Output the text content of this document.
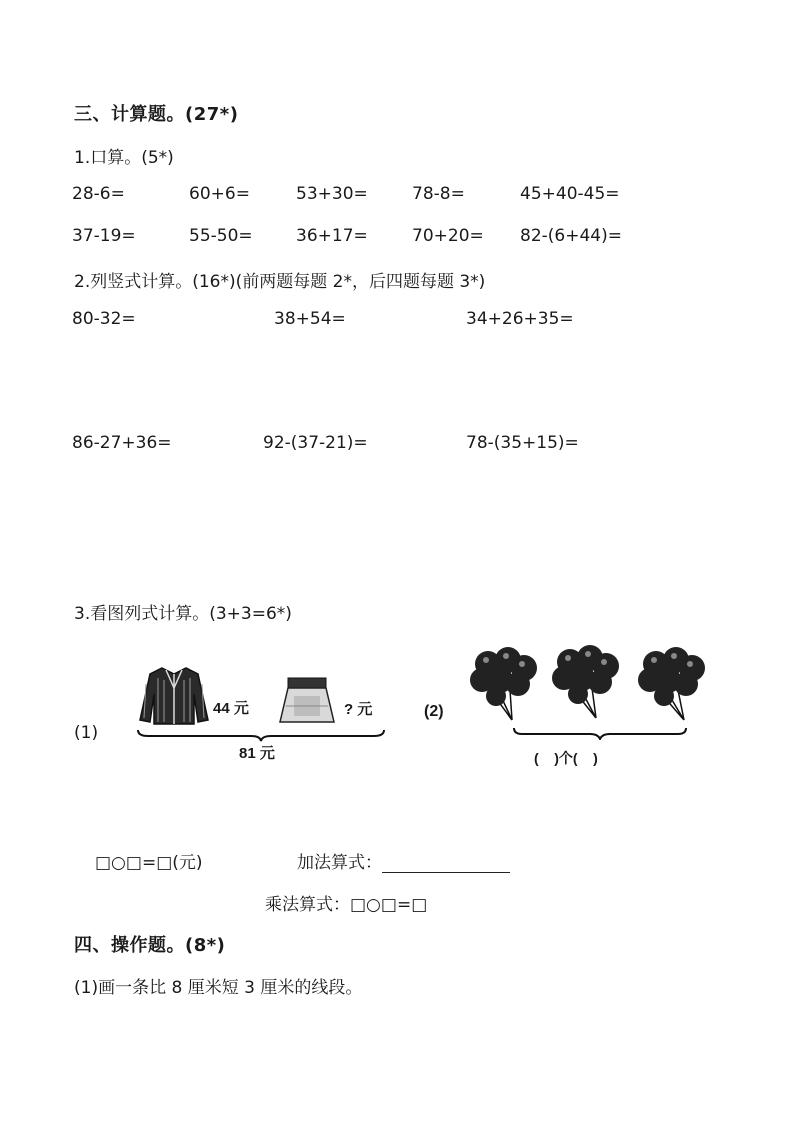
三、计算题。(27*)
1.口算。(5*)
28-6=	60+6=	53+30=	78-8=	45+40-45=
37-19=	55-50=	36+17=	70+20= 82-(6+44)=
2.列竖式计算。(16*)(前两题每题 2*，后四题每题 3*)
80-32=	38+54=	34+26+35=
86-27+36=	92-(37-21)=	78-(35+15)=
3.看图列式计算。(3+3=6*)
(1)
44 元	? 元
81 元
(2)
(    )个(    )
□○□=□(元)	加法算式：
乘法算式：□○□=□
四、操作题。(8*)
(1)画一条比 8 厘米短 3 厘米的线段。
